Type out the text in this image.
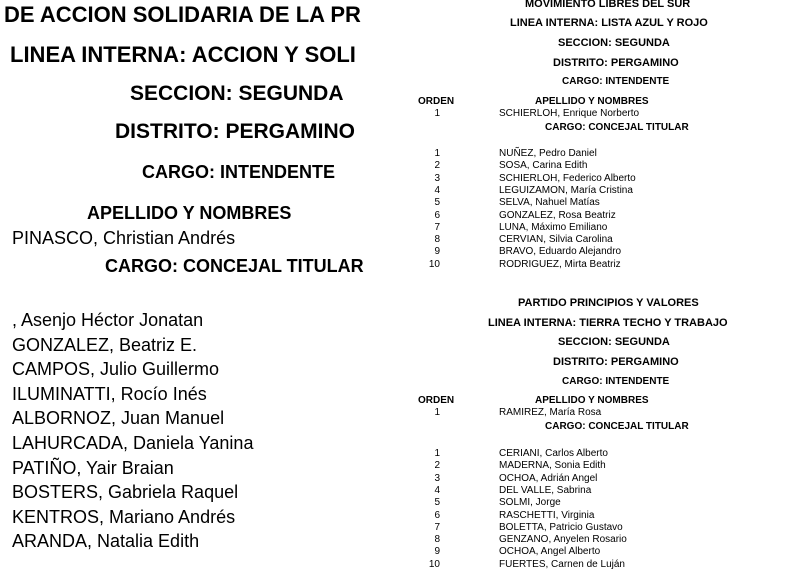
DE ACCION SOLIDARIA DE LA PR
LINEA INTERNA: ACCION Y SOLI
SECCION: SEGUNDA
DISTRITO: PERGAMINO
CARGO: INTENDENTE
APELLIDO Y NOMBRES
PINASCO, Christian Andrés
CARGO: CONCEJAL TITULAR
, Asenjo Héctor Jonatan
GONZALEZ, Beatriz E.
CAMPOS, Julio Guillermo
ILUMINATTI, Rocío Inés
ALBORNOZ, Juan Manuel
LAHURCADA, Daniela Yanina
PATIÑO, Yair Braian
BOSTERS, Gabriela Raquel
KENTROS, Mariano Andrés
ARANDA, Natalia Edith
MOVIMIENTO LIBRES DEL SUR
LINEA INTERNA: LISTA AZUL Y ROJO
SECCION: SEGUNDA
DISTRITO: PERGAMINO
CARGO: INTENDENTE
ORDEN	APELLIDO Y NOMBRES
1	SCHIERLOH, Enrique Norberto
CARGO: CONCEJAL TITULAR
1	NUÑEZ, Pedro Daniel
2	SOSA, Carina Edith
3	SCHIERLOH, Federico Alberto
4	LEGUIZAMON, María Cristina
5	SELVA, Nahuel Matías
6	GONZALEZ, Rosa Beatriz
7	LUNA, Máximo Emiliano
8	CERVIAN, Silvia Carolina
9	BRAVO, Eduardo Alejandro
10	RODRIGUEZ, Mirta Beatriz
PARTIDO PRINCIPIOS Y VALORES
LINEA INTERNA: TIERRA TECHO Y TRABAJO
SECCION: SEGUNDA
DISTRITO: PERGAMINO
CARGO: INTENDENTE
ORDEN	APELLIDO Y NOMBRES
1	RAMIREZ, María Rosa
CARGO: CONCEJAL TITULAR
1	CERIANI, Carlos Alberto
2	MADERNA, Sonia Edith
3	OCHOA, Adrián Angel
4	DEL VALLE, Sabrina
5	SOLMI, Jorge
6	RASCHETTI, Virginia
7	BOLETTA, Patricio Gustavo
8	GENZANO, Anyelen Rosario
9	OCHOA, Angel Alberto
10	FUERTES, Carnen de Luján
